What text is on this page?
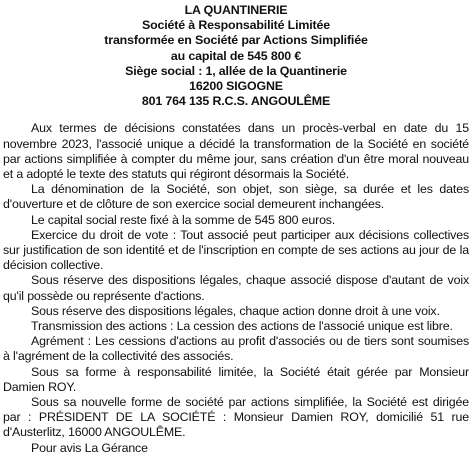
LA QUANTINERIE
Société à Responsabilité Limitée
transformée en Société par Actions Simplifiée
au capital de 545 800 €
Siège social : 1, allée de la Quantinerie
16200 SIGOGNE
801 764 135 R.C.S. ANGOULÊME

Aux termes de décisions constatées dans un procès-verbal en date du 15 novembre 2023, l'associé unique a décidé la transformation de la Société en société par actions simplifiée à compter du même jour, sans création d'un être moral nouveau et a adopté le texte des statuts qui régiront désormais la Société.

La dénomination de la Société, son objet, son siège, sa durée et les dates d'ouverture et de clôture de son exercice social demeurent inchangées.

Le capital social reste fixé à la somme de 545 800 euros.

Exercice du droit de vote : Tout associé peut participer aux décisions collectives sur justification de son identité et de l'inscription en compte de ses actions au jour de la décision collective.

Sous réserve des dispositions légales, chaque associé dispose d'autant de voix qu'il possède ou représente d'actions.

Sous réserve des dispositions légales, chaque action donne droit à une voix.

Transmission des actions : La cession des actions de l'associé unique est libre.

Agrément : Les cessions d'actions au profit d'associés ou de tiers sont soumises à l'agrément de la collectivité des associés.

Sous sa forme à responsabilité limitée, la Société était gérée par Monsieur Damien ROY.

Sous sa nouvelle forme de société par actions simplifiée, la Société est dirigée par : PRÉSIDENT DE LA SOCIÉTÉ : Monsieur Damien ROY, domicilié 51 rue d'Austerlitz, 16000 ANGOULÊME.

Pour avis La Gérance
